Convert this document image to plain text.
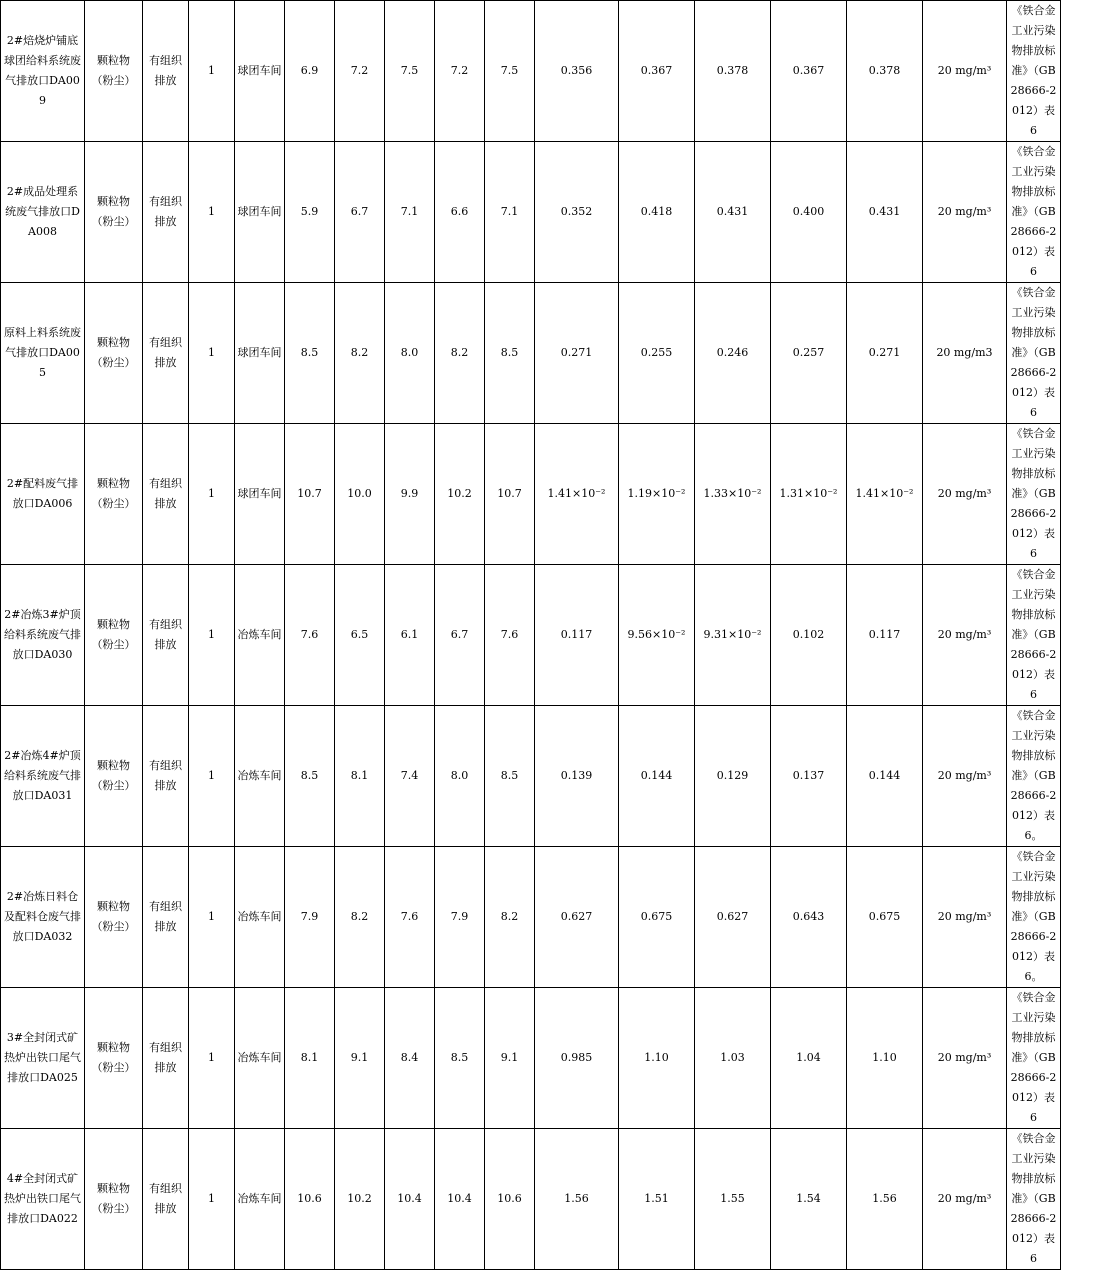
2#焙烧炉铺底球团给料系统废气排放口DA009	颗粒物（粉尘）	有组织排放	1	球团车间	6.9	7.2	7.5	7.2	7.5	0.356	0.367	0.378	0.367	0.378	20 mg/m³	《铁合金工业污染物排放标准》（GB 28666-2012）表 6
2#成品处理系统废气排放口DA008	颗粒物（粉尘）	有组织排放	1	球团车间	5.9	6.7	7.1	6.6	7.1	0.352	0.418	0.431	0.400	0.431	20 mg/m³	《铁合金工业污染物排放标准》（GB 28666-2012）表 6
原料上料系统废气排放口DA005	颗粒物（粉尘）	有组织排放	1	球团车间	8.5	8.2	8.0	8.2	8.5	0.271	0.255	0.246	0.257	0.271	20 mg/m3	《铁合金工业污染物排放标准》（GB 28666-2012）表 6
2#配料废气排放口DA006	颗粒物（粉尘）	有组织排放	1	球团车间	10.7	10.0	9.9	10.2	10.7	1.41×10⁻²	1.19×10⁻²	1.33×10⁻²	1.31×10⁻²	1.41×10⁻²	20 mg/m³	《铁合金工业污染物排放标准》（GB 28666-2012）表 6
2#冶炼3#炉顶给料系统废气排放口DA030	颗粒物（粉尘）	有组织排放	1	冶炼车间	7.6	6.5	6.1	6.7	7.6	0.117	9.56×10⁻²	9.31×10⁻²	0.102	0.117	20 mg/m³	《铁合金工业污染物排放标准》（GB 28666-2012）表 6
2#冶炼4#炉顶给料系统废气排放口DA031	颗粒物（粉尘）	有组织排放	1	冶炼车间	8.5	8.1	7.4	8.0	8.5	0.139	0.144	0.129	0.137	0.144	20 mg/m³	《铁合金工业污染物排放标准》（GB 28666-2012）表 6。
2#冶炼日料仓及配料仓废气排放口DA032	颗粒物（粉尘）	有组织排放	1	冶炼车间	7.9	8.2	7.6	7.9	8.2	0.627	0.675	0.627	0.643	0.675	20 mg/m³	《铁合金工业污染物排放标准》（GB 28666-2012）表 6。
3#全封闭式矿热炉出铁口尾气排放口DA025	颗粒物（粉尘）	有组织排放	1	冶炼车间	8.1	9.1	8.4	8.5	9.1	0.985	1.10	1.03	1.04	1.10	20 mg/m³	《铁合金工业污染物排放标准》（GB 28666-2012）表 6
4#全封闭式矿热炉出铁口尾气排放口DA022	颗粒物（粉尘）	有组织排放	1	冶炼车间	10.6	10.2	10.4	10.4	10.6	1.56	1.51	1.55	1.54	1.56	20 mg/m³	《铁合金工业污染物排放标准》（GB 28666-2012）表 6
